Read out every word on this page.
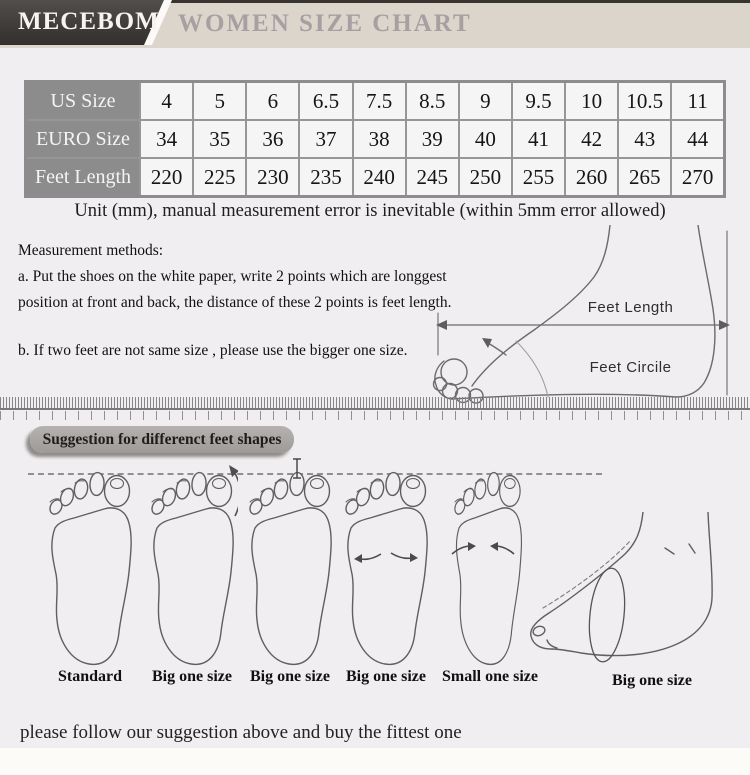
MECEBOM WOMEN SIZE CHART
US Size	4	5	6	6.5	7.5	8.5	9	9.5	10	10.5	11
EURO Size	34	35	36	37	38	39	40	41	42	43	44
Feet Length	220	225	230	235	240	245	250	255	260	265	270
Unit (mm), manual measurement error is inevitable (within 5mm error allowed)
Measurement methods:
a. Put the shoes on the white paper, write 2 points which are longgest
position at front and back, the distance of these 2 points is feet length.
b. If two feet are not same size , please use the bigger one size.
Feet Length
Feet Circile
Suggestion for differenct feet shapes
Standard	Big one size	Big one size	Big one size	Small one size	Big one size
please follow our suggestion above and buy the fittest one
